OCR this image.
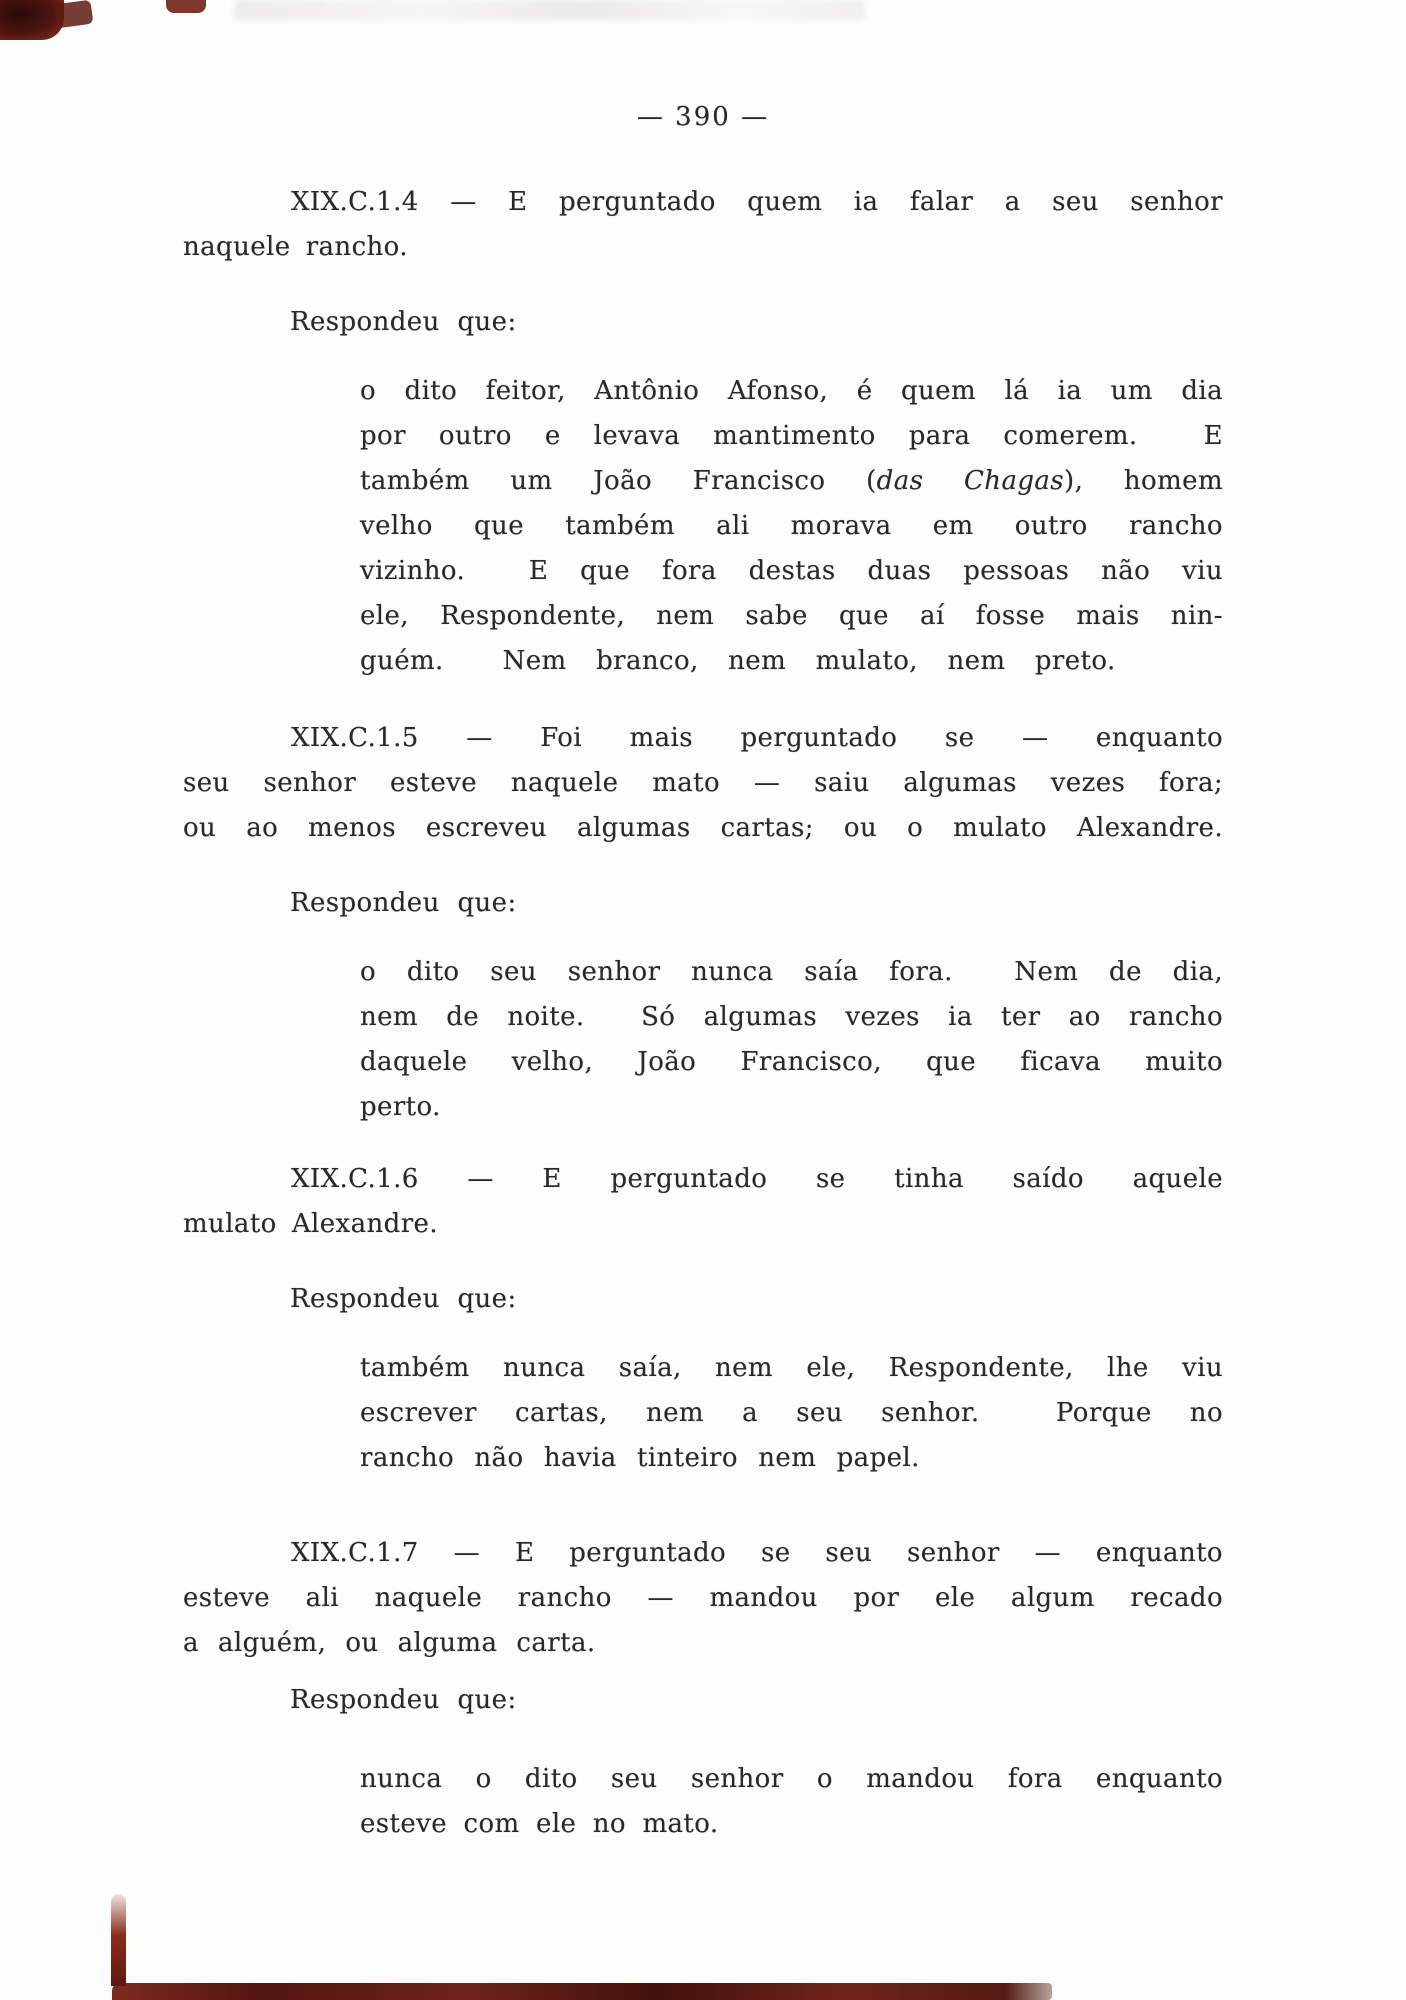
— 390 —
XIX.C.1.4 — E perguntado quem ia falar a seu senhor
naquele rancho.
Respondeu que:
o dito feitor, Antônio Afonso, é quem lá ia um dia
por outro e levava mantimento para comerem.  E
também um João Francisco (das Chagas), homem
velho que também ali morava em outro rancho
vizinho.  E que fora destas duas pessoas não viu
ele, Respondente, nem sabe que aí fosse mais nin-
guém.  Nem branco, nem mulato, nem preto.
XIX.C.1.5 — Foi mais perguntado se — enquanto
seu senhor esteve naquele mato — saiu algumas vezes fora;
ou ao menos escreveu algumas cartas; ou o mulato Alexandre.
Respondeu que:
o dito seu senhor nunca saía fora.  Nem de dia,
nem de noite.  Só algumas vezes ia ter ao rancho
daquele velho, João Francisco, que ficava muito
perto.
XIX.C.1.6 — E perguntado se tinha saído aquele
mulato Alexandre.
Respondeu que:
também nunca saía, nem ele, Respondente, lhe viu
escrever cartas, nem a seu senhor.  Porque no
rancho não havia tinteiro nem papel.
XIX.C.1.7 — E perguntado se seu senhor — enquanto
esteve ali naquele rancho — mandou por ele algum recado
a alguém, ou alguma carta.
Respondeu que:
nunca o dito seu senhor o mandou fora enquanto
esteve com ele no mato.
